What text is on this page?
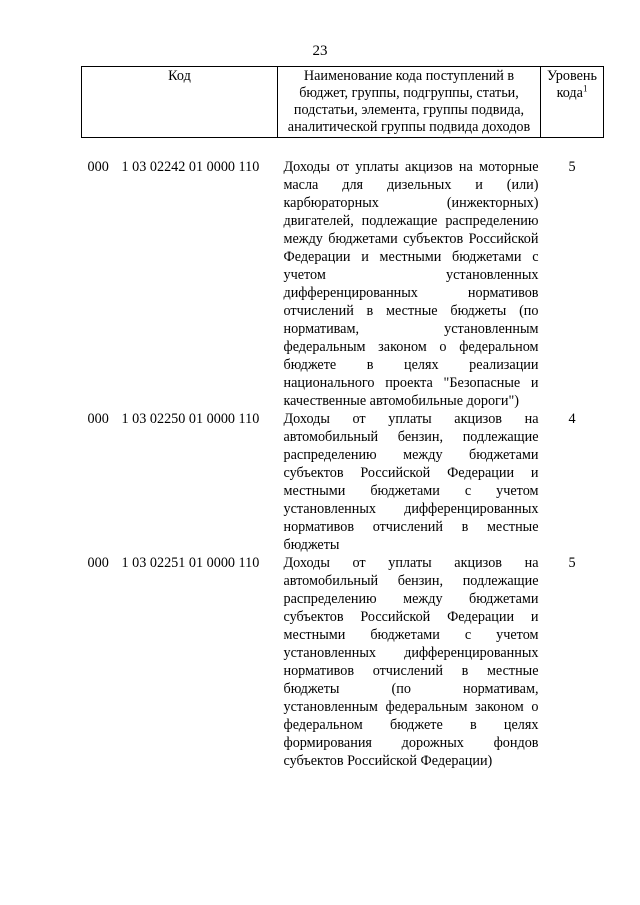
23
Код	Наименование кода поступлений в бюджет, группы, подгруппы, статьи, подстатьи, элемента, группы подвида, аналитической группы подвида доходов	Уровень кода$^1$

000 1 03 02242 01 0000 110	Доходы от уплаты акцизов на моторные масла для дизельных и (или) карбюраторных (инжекторных) двигателей, подлежащие распределению между бюджетами субъектов Российской Федерации и местными бюджетами с учетом установленных дифференцированных нормативов отчислений в местные бюджеты (по нормативам, установленным федеральным законом о федеральном бюджете в целях реализации национального проекта "Безопасные и качественные автомобильные дороги")	5
000 1 03 02250 01 0000 110	Доходы от уплаты акцизов на автомобильный бензин, подлежащие распределению между бюджетами субъектов Российской Федерации и местными бюджетами с учетом установленных дифференцированных нормативов отчислений в местные бюджеты	4
000 1 03 02251 01 0000 110	Доходы от уплаты акцизов на автомобильный бензин, подлежащие распределению между бюджетами субъектов Российской Федерации и местными бюджетами с учетом установленных дифференцированных нормативов отчислений в местные бюджеты (по нормативам, установленным федеральным законом о федеральном бюджете в целях формирования дорожных фондов субъектов Российской Федерации)	5
